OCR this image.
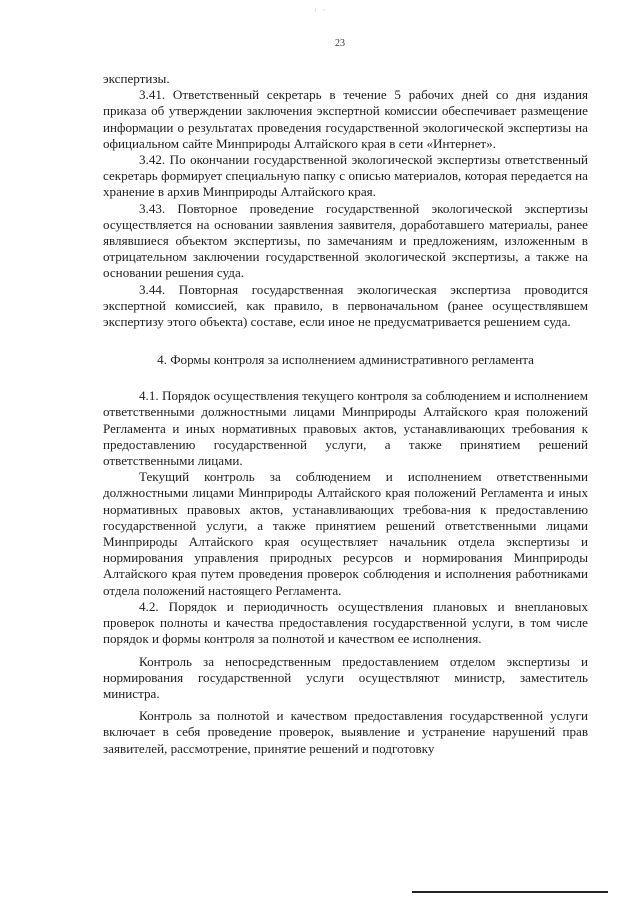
· ·
23

экспертизы.

3.41. Ответственный секретарь в течение 5 рабочих дней со дня издания приказа об утверждении заключения экспертной комиссии обеспечивает размещение информации о результатах проведения государственной экологической экспертизы на официальном сайте Минприроды Алтайского края в сети «Интернет».

3.42. По окончании государственной экологической экспертизы ответственный секретарь формирует специальную папку с описью материалов, которая передается на хранение в архив Минприроды Алтайского края.

3.43. Повторное проведение государственной экологической экспертизы осуществляется на основании заявления заявителя, доработавшего материалы, ранее являвшиеся объектом экспертизы, по замечаниям и предложениям, изложенным в отрицательном заключении государственной экологической экспертизы, а также на основании решения суда.

3.44. Повторная государственная экологическая экспертиза проводится экспертной комиссией, как правило, в первоначальном (ранее осуществлявшем экспертизу этого объекта) составе, если иное не предусматривается решением суда.

4. Формы контроля за исполнением административного регламента

4.1. Порядок осуществления текущего контроля за соблюдением и исполнением ответственными должностными лицами Минприроды Алтайского края положений Регламента и иных нормативных правовых актов, устанавливающих требования к предоставлению государственной услуги, а также принятием решений ответственными лицами.

Текущий контроль за соблюдением и исполнением ответственными должностными лицами Минприроды Алтайского края положений Регламента и иных нормативных правовых актов, устанавливающих требова-ния к предоставлению государственной услуги, а также принятием решений ответственными лицами Минприроды Алтайского края осуществляет начальник отдела экспертизы и нормирования управления природных ресурсов и нормирования Минприроды Алтайского края путем проведения проверок соблюдения и исполнения работниками отдела положений настоящего Регламента.

4.2. Порядок и периодичность осуществления плановых и внеплановых проверок полноты и качества предоставления государственной услуги, в том числе порядок и формы контроля за полнотой и качеством ее исполнения.

Контроль за непосредственным предоставлением отделом экспертизы и нормирования государственной услуги осуществляют министр, заместитель министра.

Контроль за полнотой и качеством предоставления государственной услуги включает в себя проведение проверок, выявление и устранение нарушений прав заявителей, рассмотрение, принятие решений и подготовку
